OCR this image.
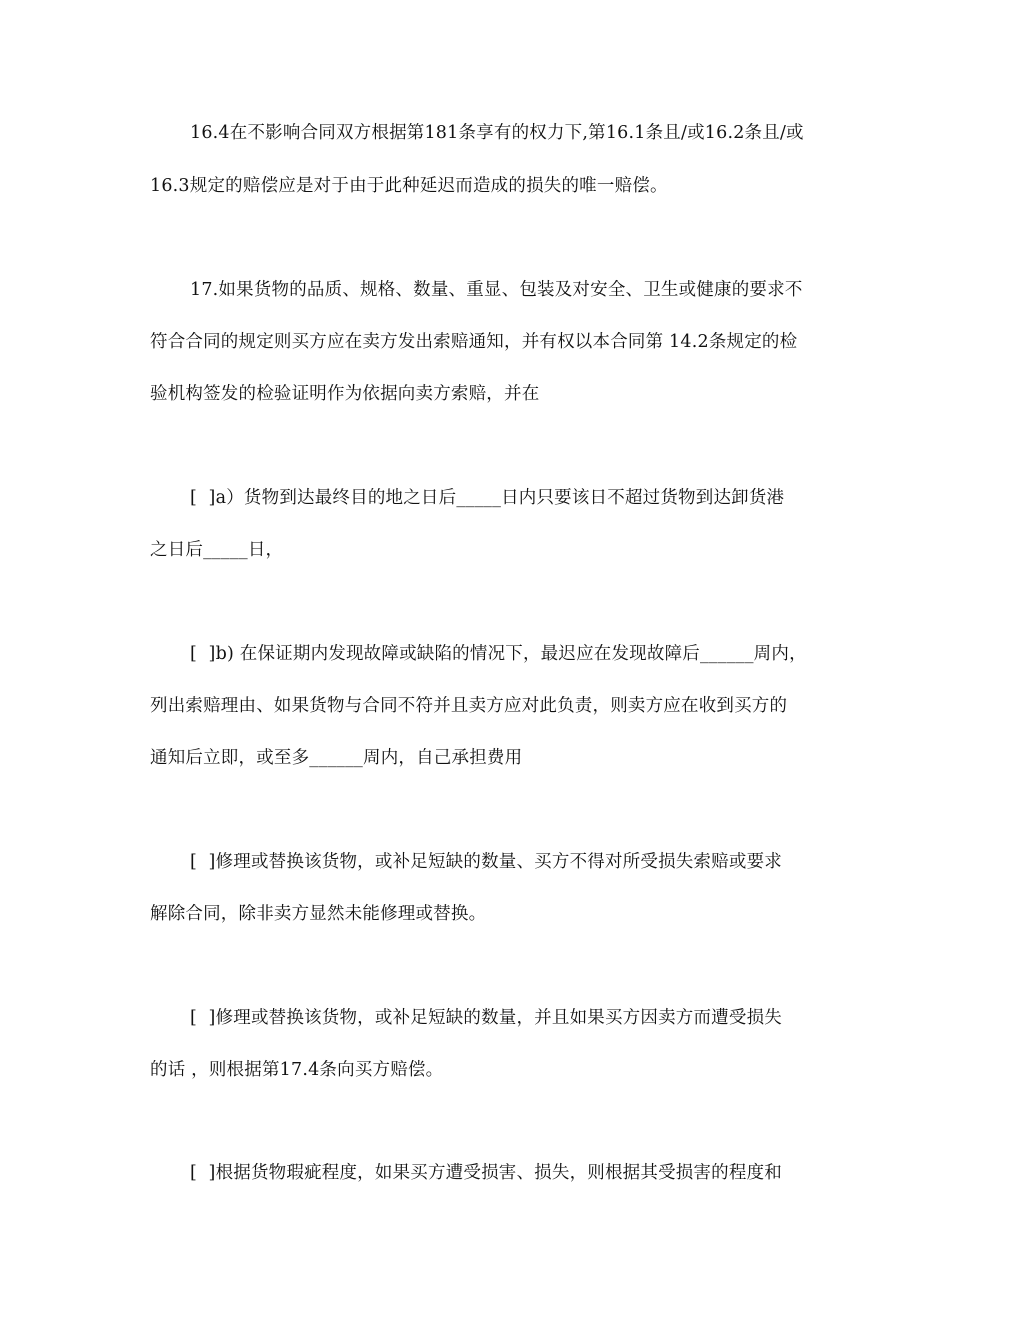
16.4在不影响合同双方根据第181条享有的权力下,第16.1条且/或16.2条且/或
16.3规定的赔偿应是对于由于此种延迟而造成的损失的唯一赔偿。
17.如果货物的品质、规格、数量、重显、包装及对安全、卫生或健康的要求不
符合合同的规定则买方应在卖方发出索赔通知，并有权以本合同第 14.2条规定的检
验机构签发的检验证明作为依据向卖方索赔，并在
[  ]a）货物到达最终目的地之日后_____日内只要该日不超过货物到达卸货港
之日后_____日，
[  ]b) 在保证期内发现故障或缺陷的情况下，最迟应在发现故障后______周内，
列出索赔理由、如果货物与合同不符并且卖方应对此负责，则卖方应在收到买方的
通知后立即，或至多______周内，自己承担费用
[  ]修理或替换该货物，或补足短缺的数量、买方不得对所受损失索赔或要求
解除合同，除非卖方显然未能修理或替换。
[  ]修理或替换该货物，或补足短缺的数量，并且如果买方因卖方而遭受损失
的话 ，则根据第17.4条向买方赔偿。
[  ]根据货物瑕疵程度，如果买方遭受损害、损失，则根据其受损害的程度和
